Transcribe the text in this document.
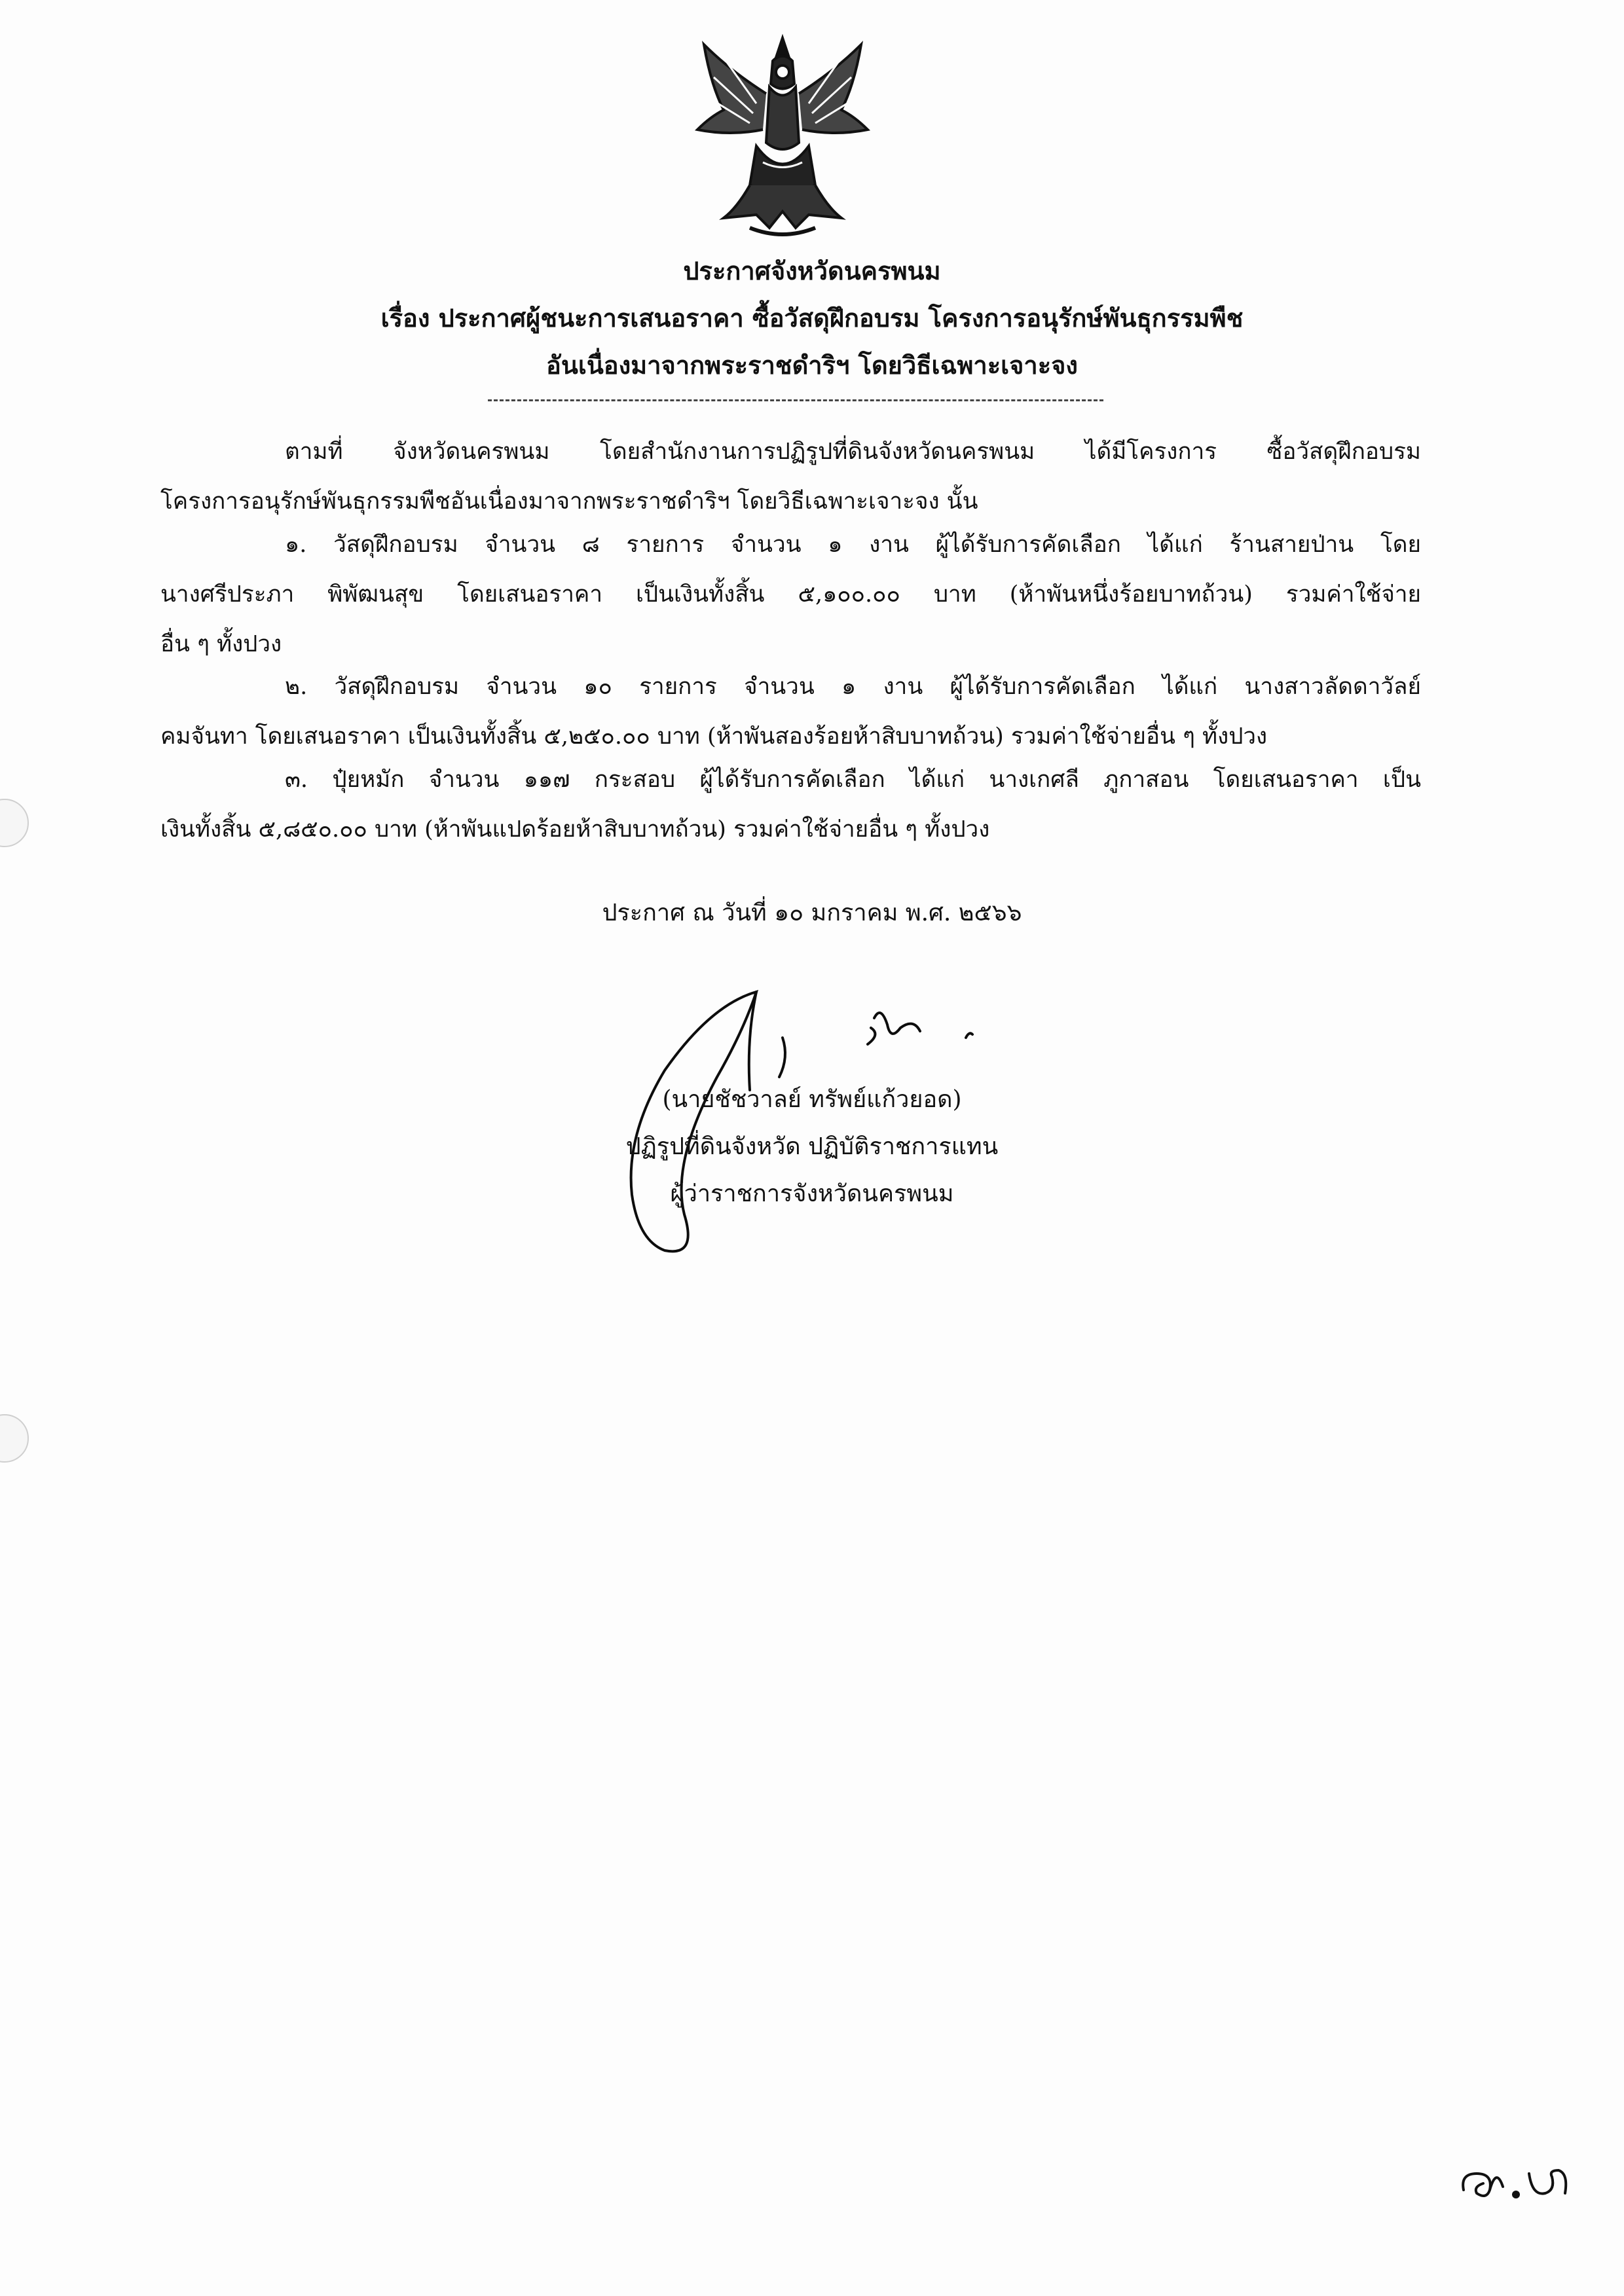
ประกาศจังหวัดนครพนม
เรื่อง ประกาศผู้ชนะการเสนอราคา ซื้อวัสดุฝึกอบรม โครงการอนุรักษ์พันธุกรรมพืช
อันเนื่องมาจากพระราชดำริฯ โดยวิธีเฉพาะเจาะจง
ตามที่ จังหวัดนครพนม โดยสำนักงานการปฏิรูปที่ดินจังหวัดนครพนม ได้มีโครงการ ซื้อวัสดุฝึกอบรม
โครงการอนุรักษ์พันธุกรรมพืชอันเนื่องมาจากพระราชดำริฯ โดยวิธีเฉพาะเจาะจง นั้น
๑. วัสดุฝึกอบรม จำนวน ๘ รายการ จำนวน ๑ งาน ผู้ได้รับการคัดเลือก ได้แก่ ร้านสายป่าน โดย
นางศรีประภา พิพัฒนสุข โดยเสนอราคา เป็นเงินทั้งสิ้น ๕,๑๐๐.๐๐ บาท (ห้าพันหนึ่งร้อยบาทถ้วน) รวมค่าใช้จ่าย
อื่น ๆ ทั้งปวง
๒. วัสดุฝึกอบรม จำนวน ๑๐ รายการ จำนวน ๑ งาน ผู้ได้รับการคัดเลือก ได้แก่ นางสาวลัดดาวัลย์
คมจันทา โดยเสนอราคา เป็นเงินทั้งสิ้น ๕,๒๕๐.๐๐ บาท (ห้าพันสองร้อยห้าสิบบาทถ้วน) รวมค่าใช้จ่ายอื่น ๆ ทั้งปวง
๓. ปุ๋ยหมัก จำนวน ๑๑๗ กระสอบ ผู้ได้รับการคัดเลือก ได้แก่ นางเกศลี ภูกาสอน โดยเสนอราคา เป็น
เงินทั้งสิ้น ๕,๘๕๐.๐๐ บาท (ห้าพันแปดร้อยห้าสิบบาทถ้วน) รวมค่าใช้จ่ายอื่น ๆ ทั้งปวง
ประกาศ ณ วันที่ ๑๐ มกราคม พ.ศ. ๒๕๖๖
(นายชัชวาลย์ ทรัพย์แก้วยอด)
ปฏิรูปที่ดินจังหวัด ปฏิบัติราชการแทน
ผู้ว่าราชการจังหวัดนครพนม
